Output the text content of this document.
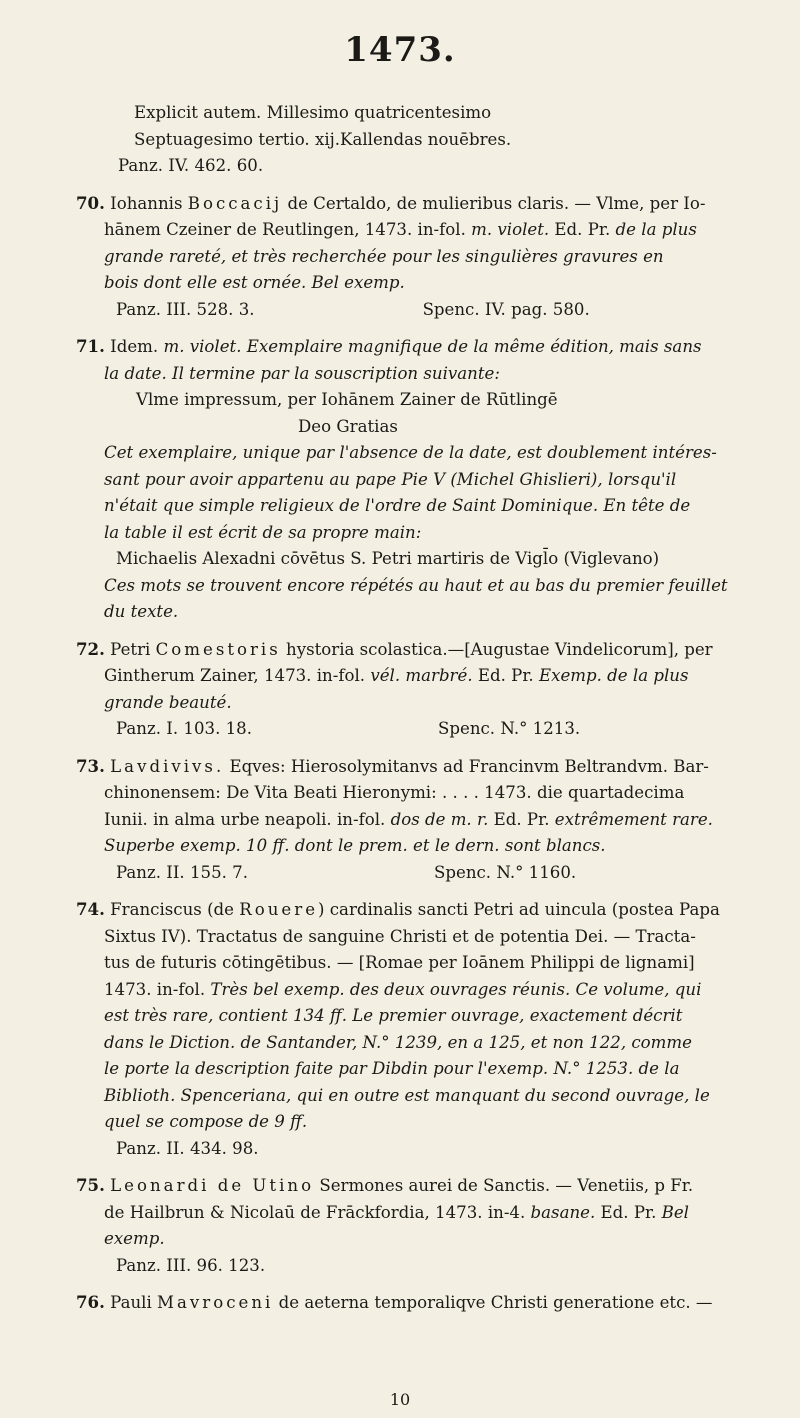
1473.
Explicit autem. Millesimo quatricentesimo
Septuagesimo tertio. xij.Kallendas nouēbres.
Panz. IV. 462. 60.
70. Iohannis Boccacij de Certaldo, de mulieribus claris. — Vlme, per Io-
hānem Czeiner de Reutlingen, 1473. in-fol. m. violet. Ed. Pr. de la plus
grande rareté, et très recherchée pour les singulières gravures en
bois dont elle est ornée. Bel exemp.
Panz. III. 528. 3.	Spenc. IV. pag. 580.
71. Idem. m. violet. Exemplaire magnifique de la même édition, mais sans
la date. Il termine par la souscription suivante:
Vlme impressum, per Iohānem Zainer de Rūtlingē
Deo Gratias
Cet exemplaire, unique par l'absence de la date, est doublement intéres-
sant pour avoir appartenu au pape Pie V (Michel Ghislieri), lorsqu'il
n'était que simple religieux de l'ordre de Saint Dominique. En tête de
la table il est écrit de sa propre main:
Michaelis Alexadni cōvētus S. Petri martiris de Vigl̄o (Viglevano)
Ces mots se trouvent encore répétés au haut et au bas du premier feuillet
du texte.
72. Petri Comestoris hystoria scolastica.—[Augustae Vindelicorum], per
Gintherum Zainer, 1473. in-fol. vél. marbré. Ed. Pr. Exemp. de la plus
grande beauté.
Panz. I. 103. 18.	Spenc. N.° 1213.
73. Lavdivivs. Eqves: Hierosolymitanvs ad Francinvm Beltrandvm. Bar-
chinonensem: De Vita Beati Hieronymi: . . . . 1473. die quartadecima
Iunii. in alma urbe neapoli. in-fol. dos de m. r. Ed. Pr. extrêmement rare.
Superbe exemp. 10 ff. dont le prem. et le dern. sont blancs.
Panz. II. 155. 7.	Spenc. N.° 1160.
74. Franciscus (de Rouere) cardinalis sancti Petri ad uincula (postea Papa
Sixtus IV). Tractatus de sanguine Christi et de potentia Dei. — Tracta-
tus de futuris cōtingētibus. — [Romae per Ioānem Philippi de lignami]
1473. in-fol. Très bel exemp. des deux ouvrages réunis. Ce volume, qui
est très rare, contient 134 ff. Le premier ouvrage, exactement décrit
dans le Diction. de Santander, N.° 1239, en a 125, et non 122, comme
le porte la description faite par Dibdin pour l'exemp. N.° 1253. de la
Biblioth. Spenceriana, qui en outre est manquant du second ouvrage, le
quel se compose de 9 ff.
Panz. II. 434. 98.
75. Leonardi de Utino Sermones aurei de Sanctis. — Venetiis, p Fr.
de Hailbrun & Nicolaū de Frāckfordia, 1473. in-4. basane. Ed. Pr. Bel
exemp.
Panz. III. 96. 123.
76. Pauli Mavroceni de aeterna temporaliqve Christi generatione etc. —
10
